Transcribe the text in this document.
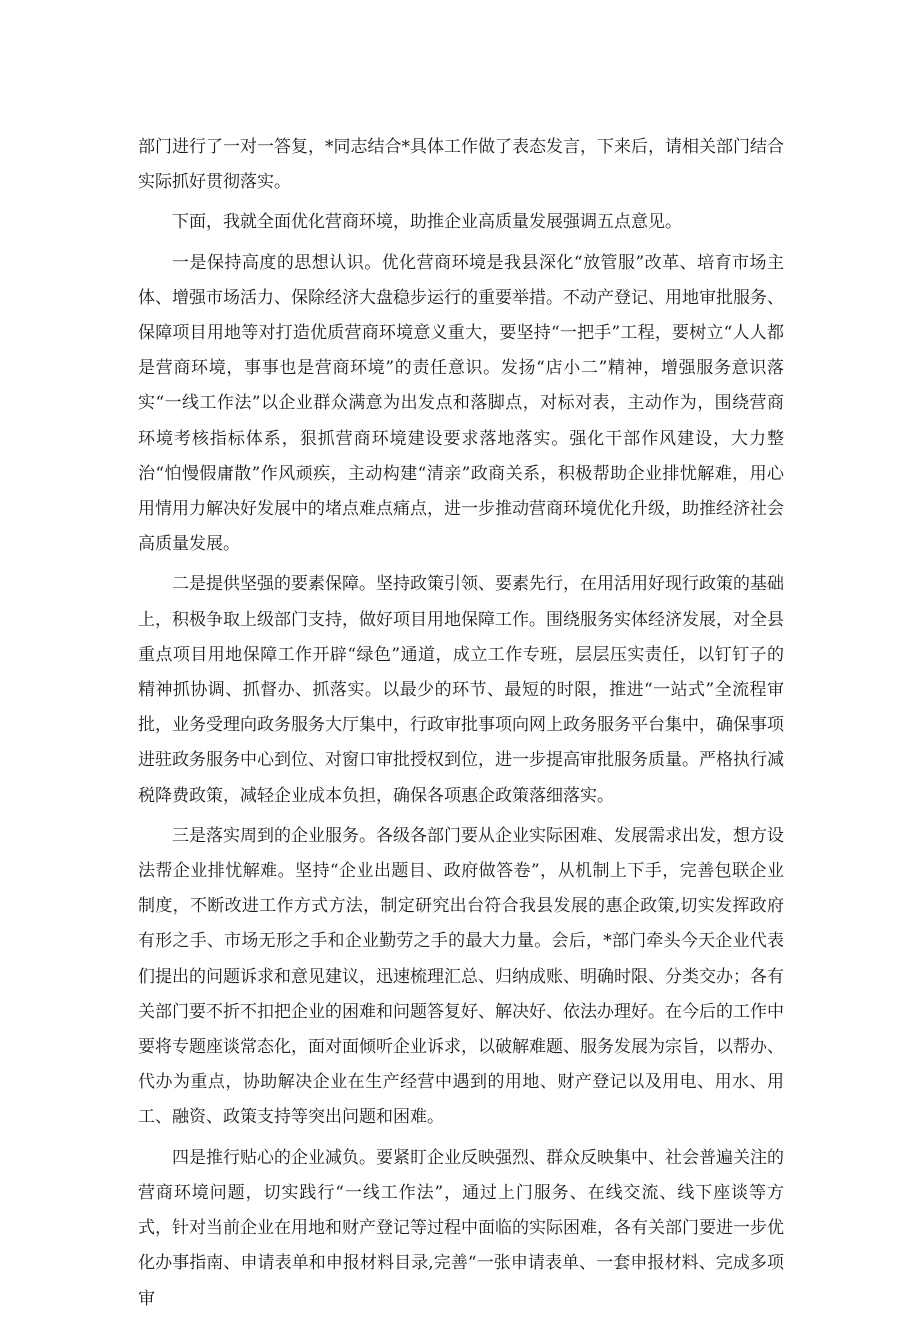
部门进行了一对一答复，*同志结合*具体工作做了表态发言，下来后，请相关部门结合实际抓好贯彻落实。

下面，我就全面优化营商环境，助推企业高质量发展强调五点意见。

一是保持高度的思想认识。优化营商环境是我县深化“放管服”改革、培育市场主体、增强市场活力、保除经济大盘稳步运行的重要举措。不动产登记、用地审批服务、保障项目用地等对打造优质营商环境意义重大，要坚持“一把手”工程，要树立“人人都是营商环境，事事也是营商环境”的责任意识。发扬“店小二”精神，增强服务意识落实“一线工作法”以企业群众满意为出发点和落脚点，对标对表，主动作为，围绕营商环境考核指标体系，狠抓营商环境建设要求落地落实。强化干部作风建设，大力整治“怕慢假庸散”作风顽疾，主动构建“清亲”政商关系，积极帮助企业排忧解难，用心用情用力解决好发展中的堵点难点痛点，进一步推动营商环境优化升级，助推经济社会高质量发展。

二是提供坚强的要素保障。坚持政策引领、要素先行，在用活用好现行政策的基础上，积极争取上级部门支持，做好项目用地保障工作。围绕服务实体经济发展，对全县重点项目用地保障工作开辟“绿色”通道，成立工作专班，层层压实责任，以钉钉子的精神抓协调、抓督办、抓落实。以最少的环节、最短的时限，推进“一站式”全流程审批，业务受理向政务服务大厅集中，行政审批事项向网上政务服务平台集中，确保事项进驻政务服务中心到位、对窗口审批授权到位，进一步提高审批服务质量。严格执行减税降费政策，减轻企业成本负担，确保各项惠企政策落细落实。

三是落实周到的企业服务。各级各部门要从企业实际困难、发展需求出发，想方设法帮企业排忧解难。坚持“企业出题目、政府做答卷”，从机制上下手，完善包联企业制度，不断改进工作方式方法，制定研究出台符合我县发展的惠企政策,切实发挥政府有形之手、市场无形之手和企业勤劳之手的最大力量。会后，*部门牵头今天企业代表们提出的问题诉求和意见建议，迅速梳理汇总、归纳成账、明确时限、分类交办；各有关部门要不折不扣把企业的困难和问题答复好、解决好、依法办理好。在今后的工作中要将专题座谈常态化，面对面倾听企业诉求，以破解难题、服务发展为宗旨，以帮办、代办为重点，协助解决企业在生产经营中遇到的用地、财产登记以及用电、用水、用工、融资、政策支持等突出问题和困难。

四是推行贴心的企业减负。要紧盯企业反映强烈、群众反映集中、社会普遍关注的营商环境问题，切实践行“一线工作法”，通过上门服务、在线交流、线下座谈等方式，针对当前企业在用地和财产登记等过程中面临的实际困难，各有关部门要进一步优化办事指南、申请表单和申报材料目录,完善“一张申请表单、一套申报材料、完成多项审
